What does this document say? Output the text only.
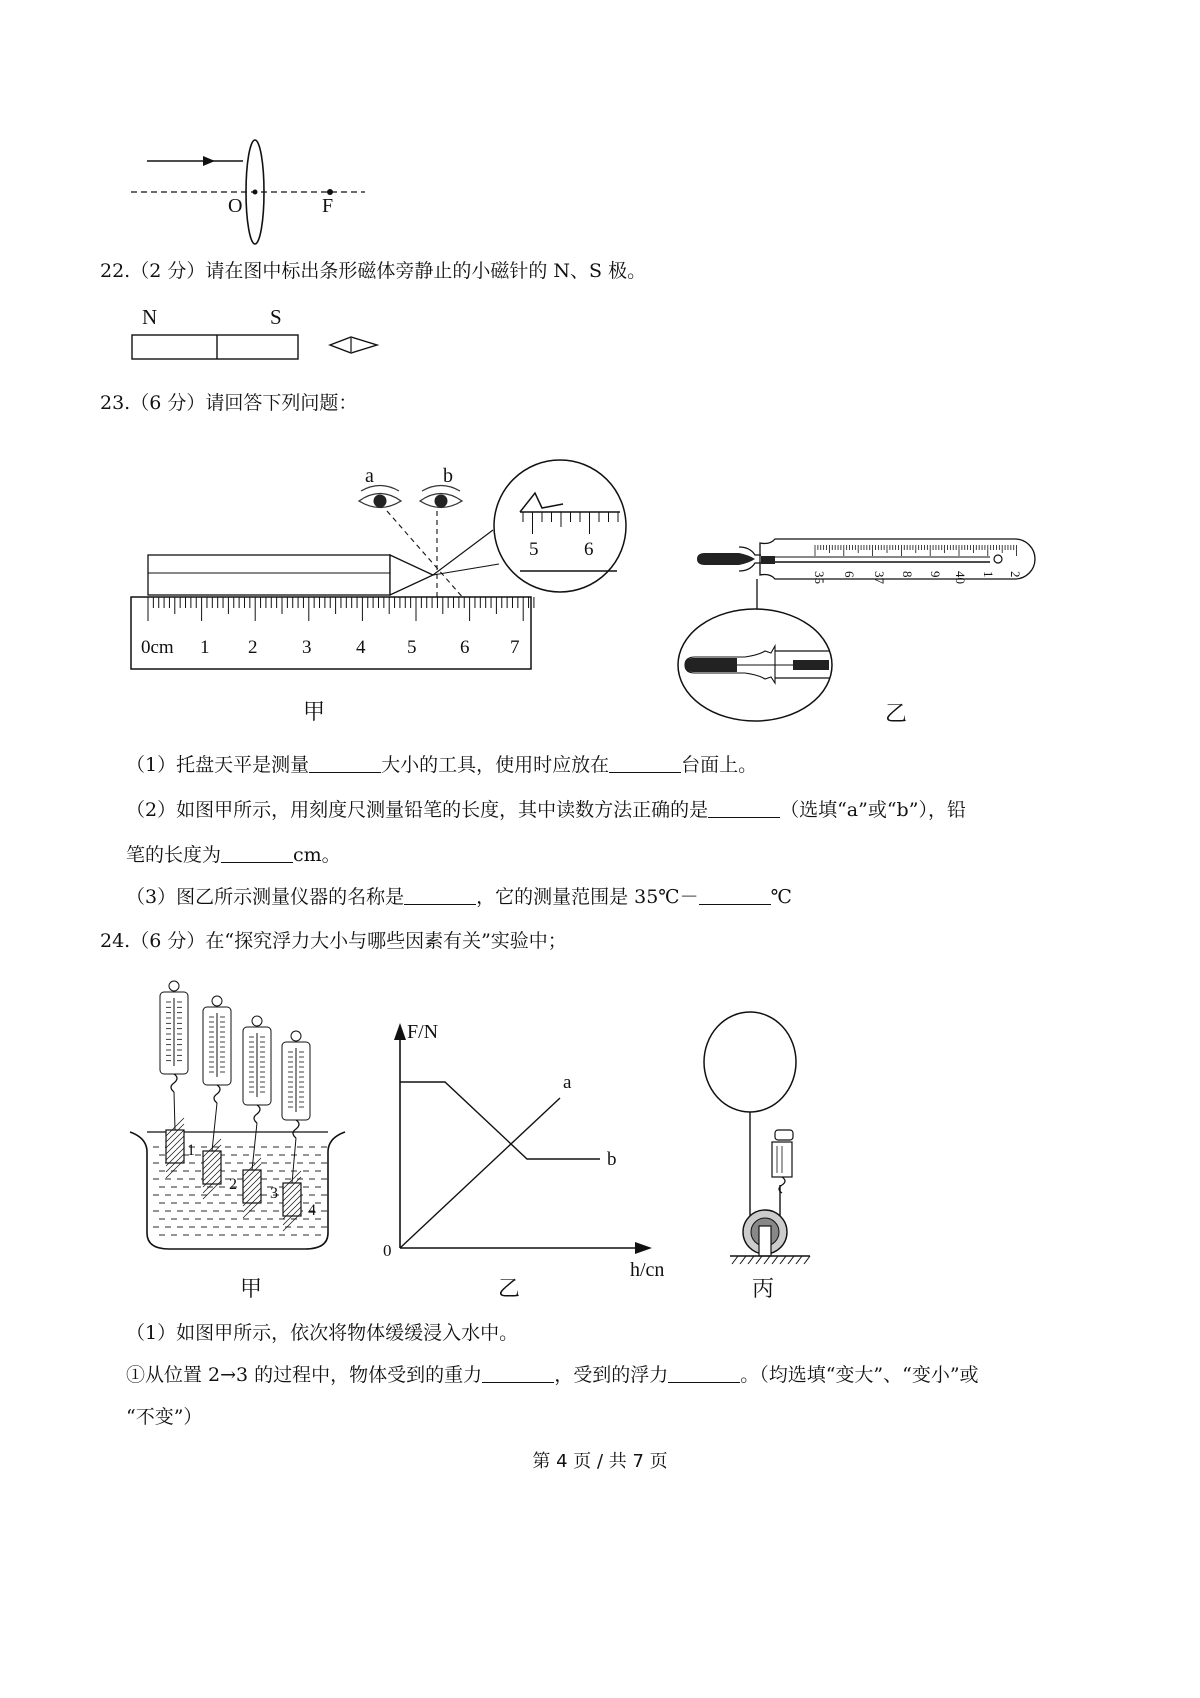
O	F
22.（2 分）请在图中标出条形磁体旁静止的小磁针的 N、S 极。
N	S
23.（6 分）请回答下列问题：
a	b
5 6
0cm 1 2 3 4 5 6 7
甲
35 6 37 8 9 40 1 2
乙
（1）托盘天平是测量	大小的工具，使用时应放在	台面上。
（2）如图甲所示，用刻度尺测量铅笔的长度，其中读数方法正确的是	（选填“a”或“b”），铅
笔的长度为	cm。
（3）图乙所示测量仪器的名称是	，它的测量范围是 35℃－	℃
24.（6 分）在“探究浮力大小与哪些因素有关”实验中；
1
2
3
4
甲
F/N
h/cn
0
a
b
乙	丙
（1）如图甲所示，依次将物体缓缓浸入水中。
①从位置 2→3 的过程中，物体受到的重力	，受到的浮力	。（均选填“变大”、“变小”或
“不变”）
第 4 页 / 共 7 页
